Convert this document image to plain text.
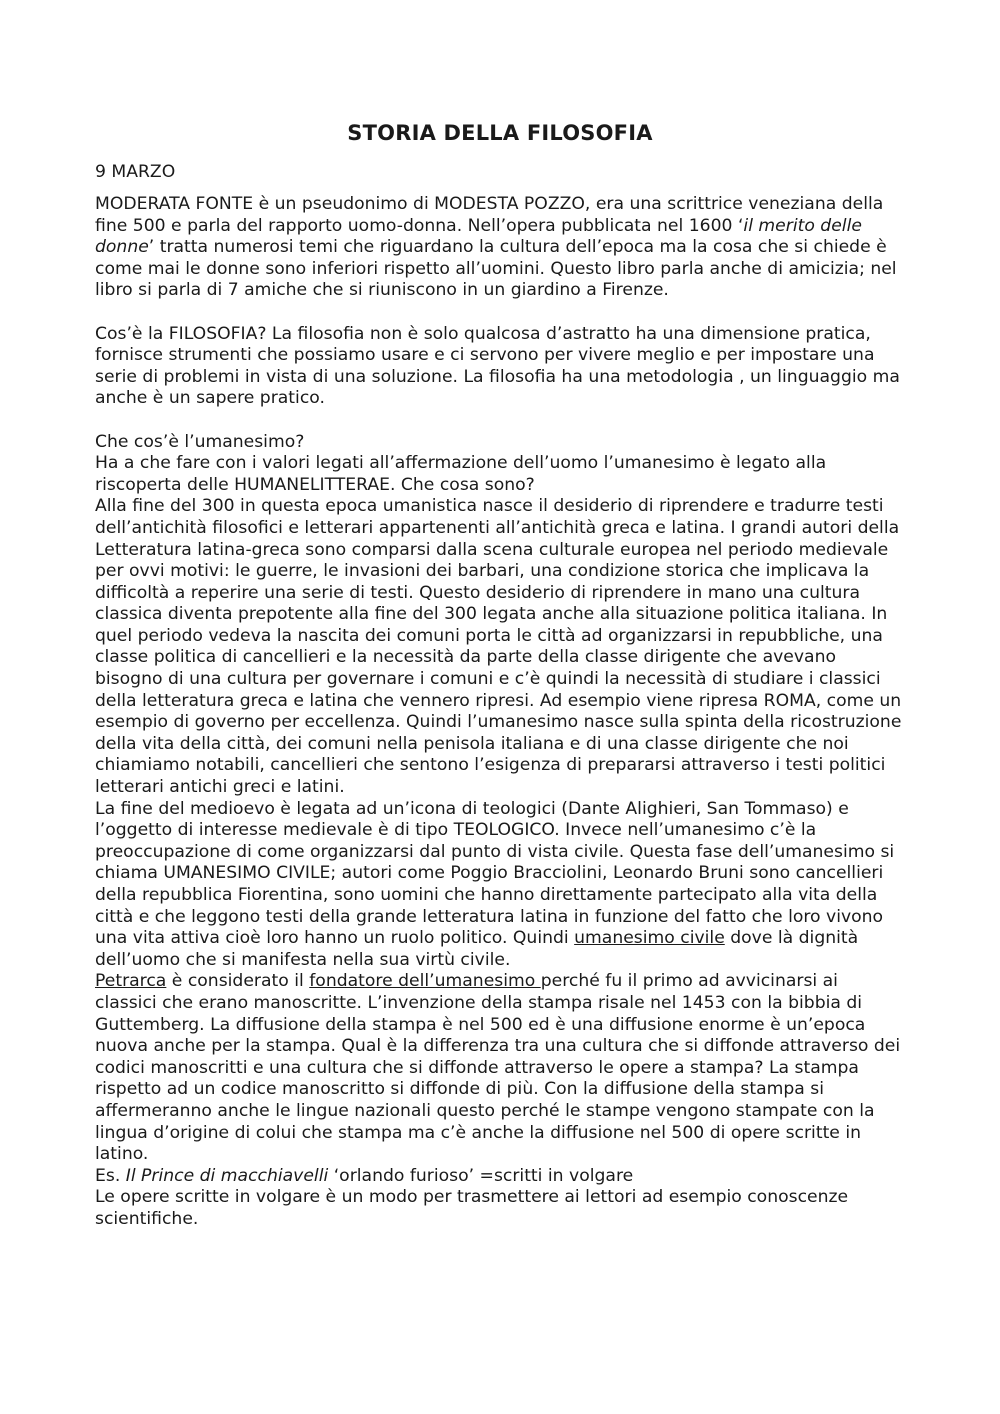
STORIA DELLA FILOSOFIA
9 MARZO

MODERATA FONTE è un pseudonimo di MODESTA POZZO, era una scrittrice veneziana della fine 500 e parla del rapporto uomo-donna. Nell’opera pubblicata nel 1600 ‘il merito delle donne’ tratta numerosi temi che riguardano la cultura dell’epoca ma la cosa che si chiede è come mai le donne sono inferiori rispetto all’uomini. Questo libro parla anche di amicizia; nel libro si parla di 7 amiche che si riuniscono in un giardino a Firenze.

Cos’è la FILOSOFIA? La filosofia non è solo qualcosa d’astratto ha una dimensione pratica, fornisce strumenti che possiamo usare e ci servono per vivere meglio e per impostare una serie di problemi in vista di una soluzione. La filosofia ha una metodologia , un linguaggio ma anche è un sapere pratico.

Che cos’è l’umanesimo?

Ha a che fare con i valori legati all’affermazione dell’uomo l’umanesimo è legato alla riscoperta delle HUMANELITTERAE. Che cosa sono?

Alla fine del 300 in questa epoca umanistica nasce il desiderio di riprendere e tradurre testi dell’antichità filosofici e letterari appartenenti all’antichità greca e latina. I grandi autori della Letteratura latina-greca sono comparsi dalla scena culturale europea nel periodo medievale per ovvi motivi: le guerre, le invasioni dei barbari, una condizione storica che implicava la difficoltà a reperire una serie di testi. Questo desiderio di riprendere in mano una cultura classica diventa prepotente alla fine del 300 legata anche alla situazione politica italiana. In quel periodo vedeva la nascita dei comuni porta le città ad organizzarsi in repubbliche, una classe politica di cancellieri e la necessità da parte della classe dirigente che avevano bisogno di una cultura per governare i comuni e c’è quindi la necessità di studiare i classici della letteratura greca e latina che vennero ripresi. Ad esempio viene ripresa ROMA, come un esempio di governo per eccellenza. Quindi l’umanesimo nasce sulla spinta della ricostruzione della vita della città, dei comuni nella penisola italiana e di una classe dirigente che noi chiamiamo notabili, cancellieri che sentono l’esigenza di prepararsi attraverso i testi politici letterari antichi greci e latini.

La fine del medioevo è legata ad un’icona di teologici (Dante Alighieri, San Tommaso) e l’oggetto di interesse medievale è di tipo TEOLOGICO. Invece nell’umanesimo c’è la preoccupazione di come organizzarsi dal punto di vista civile. Questa fase dell’umanesimo si chiama UMANESIMO CIVILE; autori come Poggio Bracciolini, Leonardo Bruni sono cancellieri della repubblica Fiorentina, sono uomini che hanno direttamente partecipato alla vita della città e che leggono testi della grande letteratura latina in funzione del fatto che loro vivono una vita attiva cioè loro hanno un ruolo politico. Quindi umanesimo civile dove là dignità dell’uomo che si manifesta nella sua virtù civile.

Petrarca è considerato il fondatore dell’umanesimo perché fu il primo ad avvicinarsi ai classici che erano manoscritte. L’invenzione della stampa risale nel 1453 con la bibbia di Guttemberg. La diffusione della stampa è nel 500 ed è una diffusione enorme è un’epoca nuova anche per la stampa. Qual è la differenza tra una cultura che si diffonde attraverso dei codici manoscritti e una cultura che si diffonde attraverso le opere a stampa? La stampa rispetto ad un codice manoscritto si diffonde di più. Con la diffusione della stampa si affermeranno anche le lingue nazionali questo perché le stampe vengono stampate con la lingua d’origine di colui che stampa ma c’è anche la diffusione nel 500 di opere scritte in latino.

Es. Il Prince di macchiavelli ‘orlando furioso’ =scritti in volgare

Le opere scritte in volgare è un modo per trasmettere ai lettori ad esempio conoscenze scientifiche.
